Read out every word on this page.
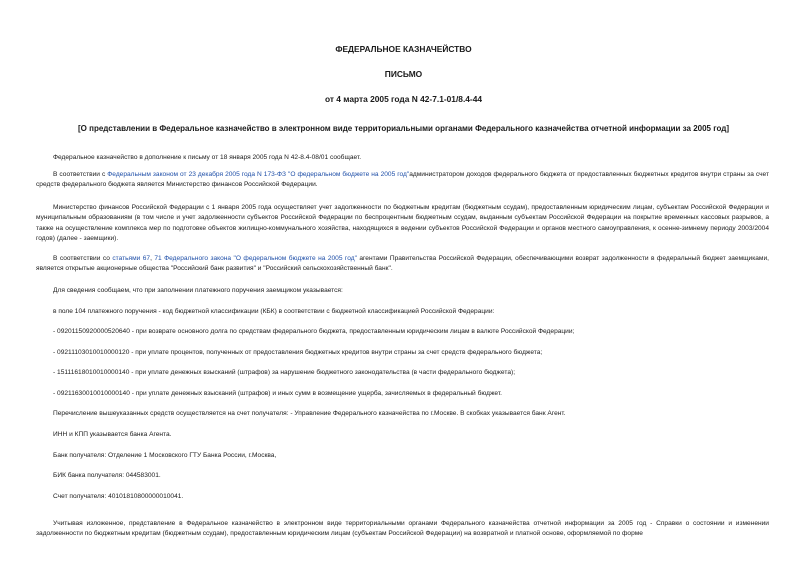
ФЕДЕРАЛЬНОЕ КАЗНАЧЕЙСТВО
ПИСЬМО
от 4 марта 2005 года N 42-7.1-01/8.4-44
[О представлении в Федеральное казначейство в электронном виде территориальными органами Федерального казначейства отчетной информации за 2005 год]

Федеральное казначейство в дополнение к письму от 18 января 2005 года N 42-8.4-08/01 сообщает.

В соответствии с Федеральным законом от 23 декабря 2005 года N 173-ФЗ "О федеральном бюджете на 2005 год"администратором доходов федерального бюджета от предоставленных бюджетных кредитов внутри страны за счет средств федерального бюджета является Министерство финансов Российской Федерации.

Министерство финансов Российской Федерации с 1 января 2005 года осуществляет учет задолженности по бюджетным кредитам (бюджетным ссудам), предоставленным юридическим лицам, субъектам Российской Федерации и муниципальным образованиям (в том числе и учет задолженности субъектов Российской Федерации по беспроцентным бюджетным ссудам, выданным субъектам Российской Федерации на покрытие временных кассовых разрывов, а также на осуществление комплекса мер по подготовке объектов жилищно-коммунального хозяйства, находящихся в ведении субъектов Российской Федерации и органов местного самоуправления, к осенне-зимнему периоду 2003/2004 годов) (далее - заемщики).

В соответствии со статьями 67, 71 Федерального закона "О федеральном бюджете на 2005 год" агентами Правительства Российской Федерации, обеспечивающими возврат задолженности в федеральный бюджет заемщиками, является открытые акционерные общества "Российский банк развития" и "Российский сельскохозяйственный банк".

Для сведения сообщаем, что при заполнении платежного поручения заемщиком указывается:

в поле 104 платежного поручения - код бюджетной классификации (КБК) в соответствии с бюджетной классификацией Российской Федерации:

- 09201150920000520640 - при возврате основного долга по средствам федерального бюджета, предоставленным юридическим лицам в валюте Российской Федерации;

- 09211103010010000120 - при уплате процентов, полученных от предоставления бюджетных кредитов внутри страны за счет средств федерального бюджета;

- 15111618010010000140 - при уплате денежных взысканий (штрафов) за нарушение бюджетного законодательства (в части федерального бюджета);

- 09211630010010000140 - при уплате денежных взысканий (штрафов) и иных сумм в возмещение ущерба, зачисляемых в федеральный бюджет.

Перечисление вышеуказанных средств осуществляется на счет получателя: - Управление Федерального казначейства по г.Москве. В скобках указывается банк Агент.

ИНН и КПП указывается банка Агента.

Банк получателя: Отделение 1 Московского ГТУ Банка России, г.Москва,

БИК банка получателя: 044583001.

Счет получателя: 40101810800000010041.

Учитывая изложенное, представление в Федеральное казначейство в электронном виде территориальными органами Федерального казначейства отчетной информации за 2005 год - Справки о состоянии и изменении задолженности по бюджетным кредитам (бюджетным ссудам), предоставленным юридическим лицам (субъектам Российской Федерации) на возвратной и платной основе, оформляемой по форме
